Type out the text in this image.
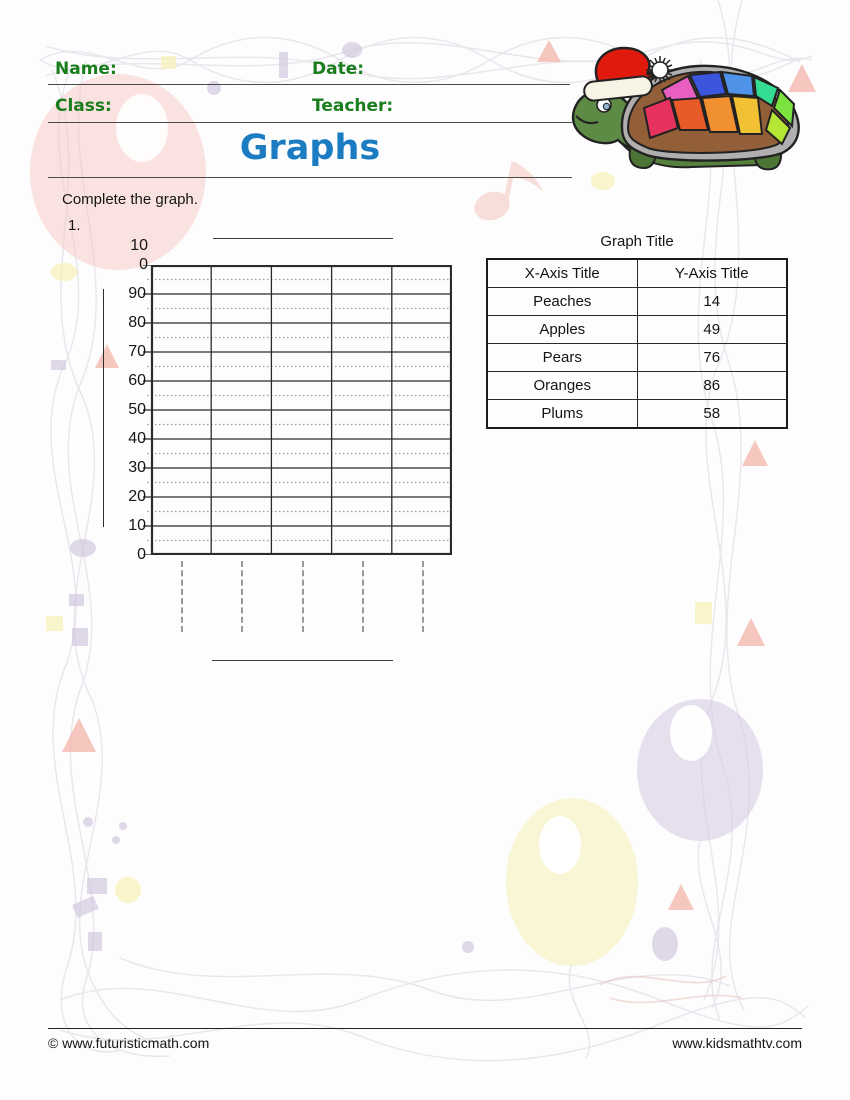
Name:	Date:
Class:	Teacher:
Graphs
Complete the graph.
1.
100
90
80
70
60
50
40
30
20
10
0
Graph Title
X-Axis Title	Y-Axis Title
Peaches	14
Apples	49
Pears	76
Oranges	86
Plums	58
© www.futuristicmath.com	www.kidsmathtv.com
